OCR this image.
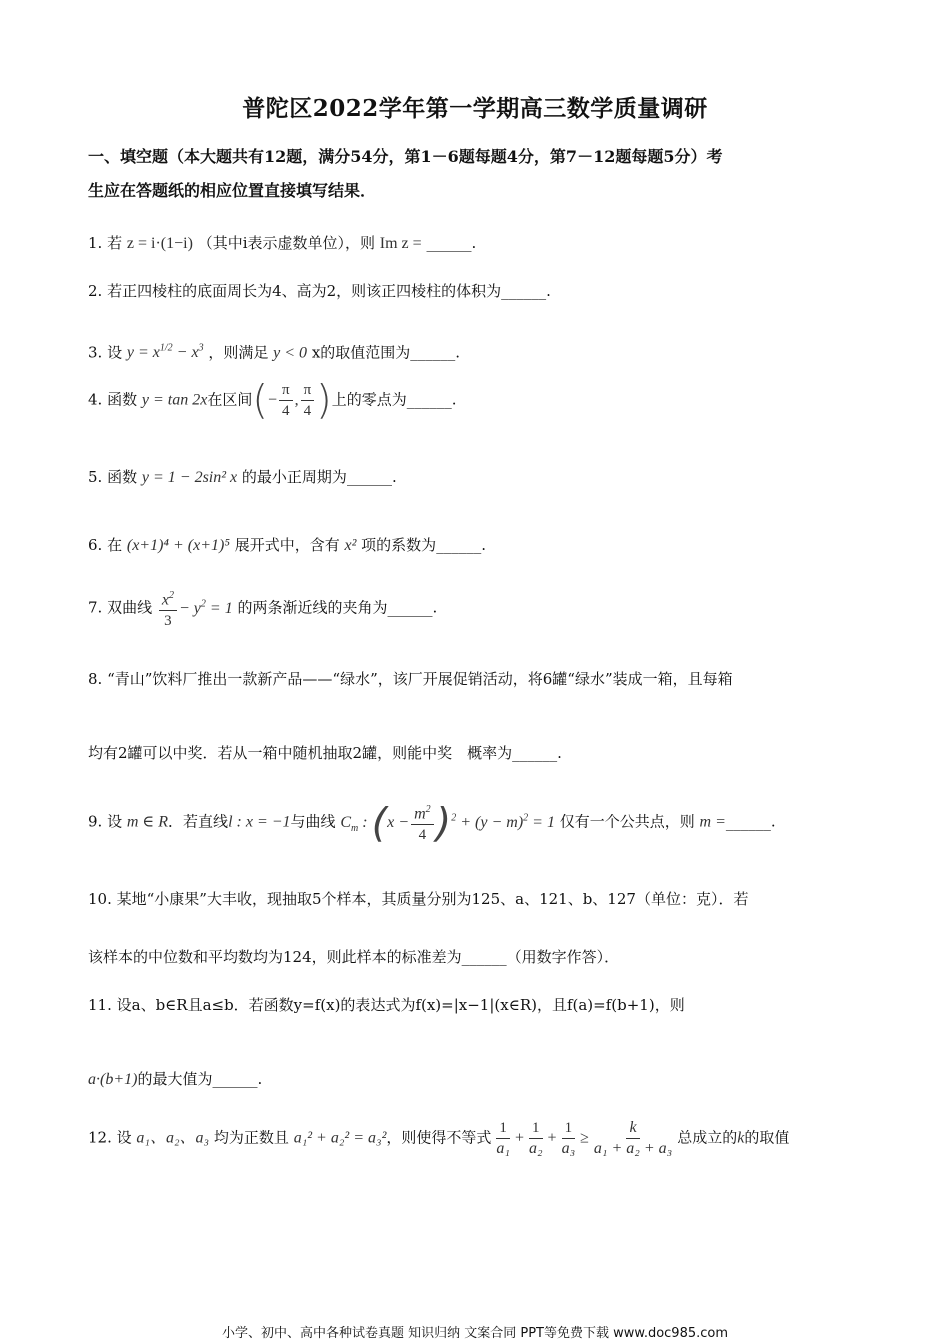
普陀区2022学年第一学期高三数学质量调研
一、填空题（本大题共有12题，满分54分，第1－6题每题4分，第7－12题每题5分）考
生应在答题纸的相应位置直接填写结果．
1. 若 z = i·(1−i) （其中i表示虚数单位），则 Im z = ______.
2. 若正四棱柱的底面周长为4、高为2，则该正四棱柱的体积为______.
3. 设 $y = x^{1/2} - x^3$ ，则满足 y < 0 x的取值范围为______.
4. 函数 y = tan 2x在区间(− $\frac{\pi}{4}$ , $\frac{\pi}{4}$ )上的零点为______.
5. 函数 y = 1 − 2sin² x 的最小正周期为______.
6. 在 (x+1)⁴ + (x+1)⁵ 展开式中，含有 x² 项的系数为______.
7. 双曲线 $\frac{x^2}{3} - y^2 = 1$ 的两条渐近线的夹角为______.
8. “青山”饮料厂推出一款新产品——“绿水”，该厂开展促销活动，将6罐“绿水”装成一箱，且每箱
均有2罐可以中奖．若从一箱中随机抽取2罐，则能中奖　概率为______.
9. 设 m ∈ R．若直线l : x = −1与曲线 $C_m$ : $(x - \frac{m^2}{4} )^2 + (y - m)^2 = 1$ 仅有一个公共点，则 m =______.
10. 某地“小康果”大丰收，现抽取5个样本，其质量分别为125、a、121、b、127（单位：克）．若
该样本的中位数和平均数均为124，则此样本的标准差为______（用数字作答）．
11. 设a、b∈R且a≤b．若函数y=f(x)的表达式为f(x)=|x−1|(x∈R)，且f(a)=f(b+1)，则
a·(b+1)的最大值为______.
12. 设 a₁、a₂、a₃ 均为正数且 a₁² + a₂² = a₃²，则使得不等式 $\frac{1}{\text{a₁}} + \frac{1}{\text{a₂}} + \frac{1}{\text{a₃}} \ge \frac{k}{\text{a₁ + a₂ + a₃}}$ 总成立的k的取值
小学、初中、高中各种试卷真题 知识归纳 文案合同 PPT等免费下载 www.doc985.com
